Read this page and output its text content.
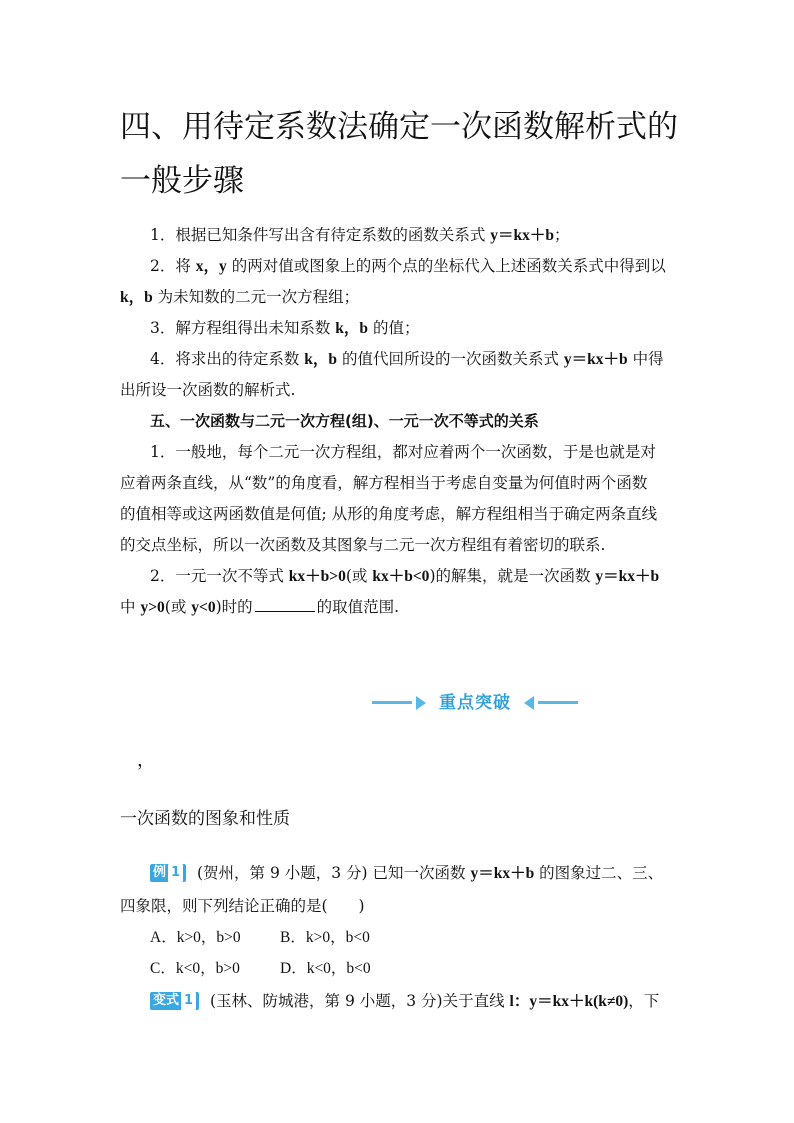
四、用待定系数法确定一次函数解析式的一般步骤
1．根据已知条件写出含有待定系数的函数关系式 y＝kx＋b；
2．将 x，y 的两对值或图象上的两个点的坐标代入上述函数关系式中得到以
k，b 为未知数的二元一次方程组；
3．解方程组得出未知系数 k，b 的值；
4．将求出的待定系数 k，b 的值代回所设的一次函数关系式 y＝kx＋b 中得
出所设一次函数的解析式.
五、一次函数与二元一次方程(组)、一元一次不等式的关系
1．一般地，每个二元一次方程组，都对应着两个一次函数，于是也就是对
应着两条直线，从“数”的角度看，解方程相当于考虑自变量为何值时两个函数
的值相等或这两函数值是何值; 从形的角度考虑，解方程组相当于确定两条直线
的交点坐标，所以一次函数及其图象与二元一次方程组有着密切的联系.
2．一元一次不等式 kx＋b>0(或 kx＋b<0)的解集，就是一次函数 y＝kx＋b
中 y>0(或 y<0)时的	的取值范围.
重点突破
，
一次函数的图象和性质
例 1 (贺州，第 9 小题，3 分) 已知一次函数 y＝kx＋b 的图象过二、三、
四象限，则下列结论正确的是(　　)
A．k>0，b>0	B．k>0，b<0
C．k<0，b>0	D．k<0，b<0
变式 1 (玉林、防城港，第 9 小题，3 分)关于直线 l：y＝kx＋k(k≠0)，下
